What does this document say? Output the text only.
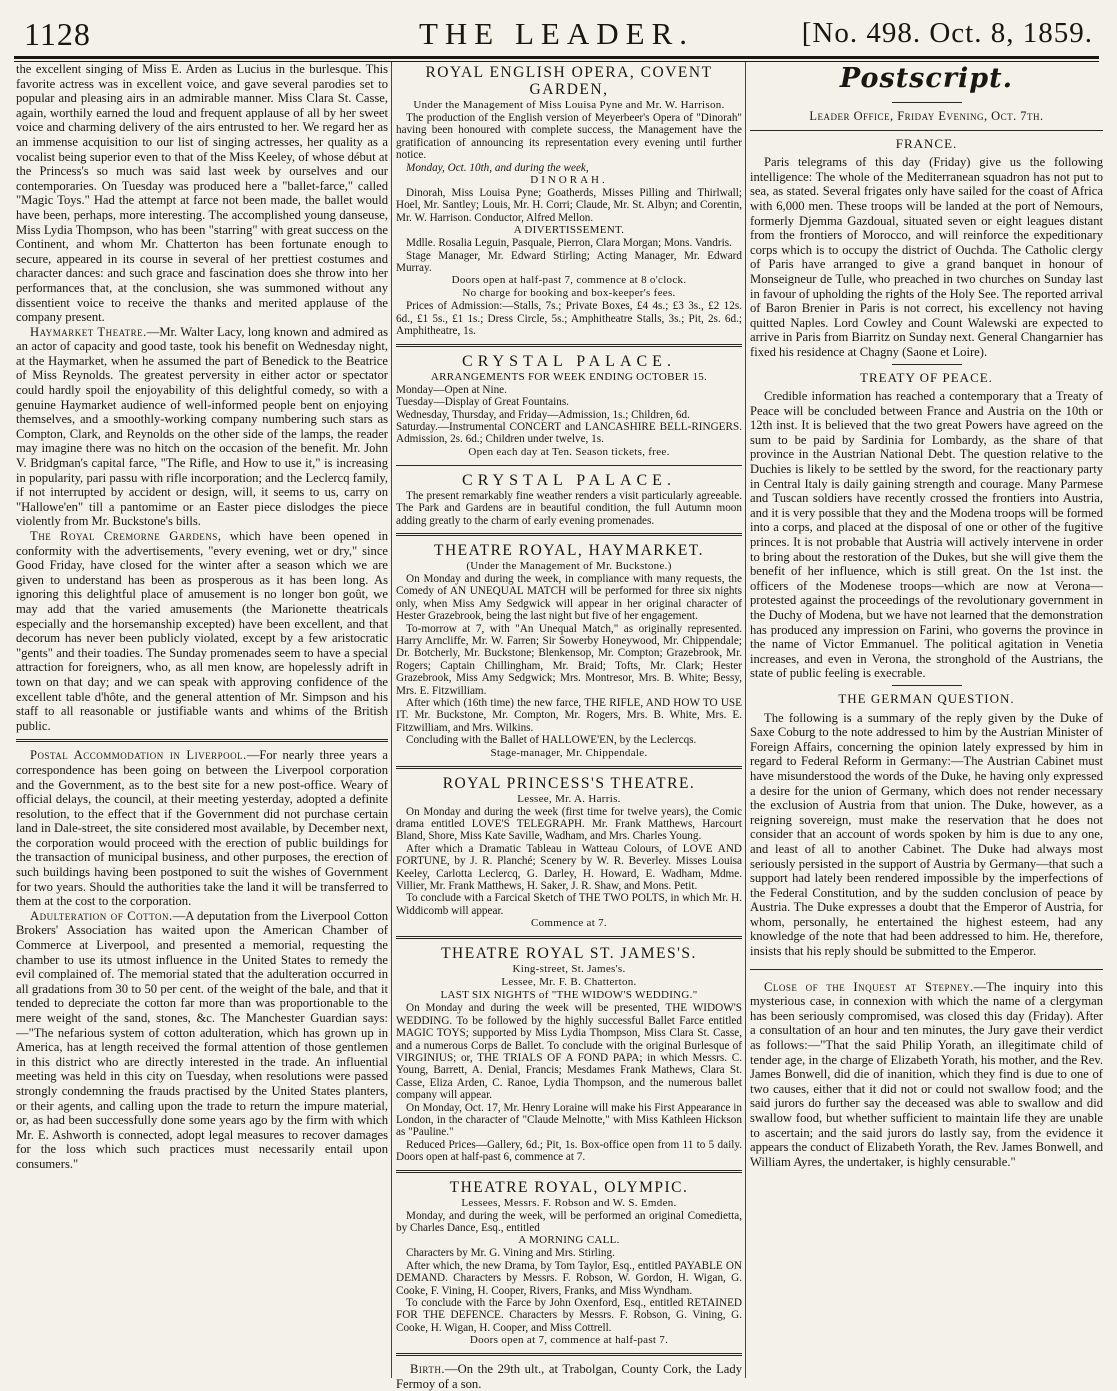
1128	THE LEADER.	[No. 498. Oct. 8, 1859.

the excellent singing of Miss E. Arden as Lucius in the burlesque. This favorite actress was in excellent voice, and gave several parodies set to popular and pleasing airs in an admirable manner. Miss Clara St. Casse, again, worthily earned the loud and frequent applause of all by her sweet voice and charming delivery of the airs entrusted to her. We regard her as an immense acquisition to our list of singing actresses, her quality as a vocalist being superior even to that of the Miss Keeley, of whose début at the Princess's so much was said last week by ourselves and our contemporaries. On Tuesday was produced here a "ballet-farce," called "Magic Toys." Had the attempt at farce not been made, the ballet would have been, perhaps, more interesting. The accomplished young danseuse, Miss Lydia Thompson, who has been "starring" with great success on the Continent, and whom Mr. Chatterton has been fortunate enough to secure, appeared in its course in several of her prettiest costumes and character dances: and such grace and fascination does she throw into her performances that, at the conclusion, she was summoned without any dissentient voice to receive the thanks and merited applause of the company present.

Haymarket Theatre.—Mr. Walter Lacy, long known and admired as an actor of capacity and good taste, took his benefit on Wednesday night, at the Haymarket, when he assumed the part of Benedick to the Beatrice of Miss Reynolds. The greatest perversity in either actor or spectator could hardly spoil the enjoyability of this delightful comedy, so with a genuine Haymarket audience of well-informed people bent on enjoying themselves, and a smoothly-working company numbering such stars as Compton, Clark, and Reynolds on the other side of the lamps, the reader may imagine there was no hitch on the occasion of the benefit. Mr. John V. Bridgman's capital farce, "The Rifle, and How to use it," is increasing in popularity, pari passu with rifle incorporation; and the Leclercq family, if not interrupted by accident or design, will, it seems to us, carry on "Hallowe'en" till a pantomime or an Easter piece dislodges the piece violently from Mr. Buckstone's bills.

The Royal Cremorne Gardens, which have been opened in conformity with the advertisements, "every evening, wet or dry," since Good Friday, have closed for the winter after a season which we are given to understand has been as prosperous as it has been long. As ignoring this delightful place of amusement is no longer bon goût, we may add that the varied amusements (the Marionette theatricals especially and the horsemanship excepted) have been excellent, and that decorum has never been publicly violated, except by a few aristocratic "gents" and their toadies. The Sunday promenades seem to have a special attraction for foreigners, who, as all men know, are hopelessly adrift in town on that day; and we can speak with approving confidence of the excellent table d'hôte, and the general attention of Mr. Simpson and his staff to all reasonable or justifiable wants and whims of the British public.

Postal Accommodation in Liverpool.—For nearly three years a correspondence has been going on between the Liverpool corporation and the Government, as to the best site for a new post-office. Weary of official delays, the council, at their meeting yesterday, adopted a definite resolution, to the effect that if the Government did not purchase certain land in Dale-street, the site considered most available, by December next, the corporation would proceed with the erection of public buildings for the transaction of municipal business, and other purposes, the erection of such buildings having been postponed to suit the wishes of Government for two years. Should the authorities take the land it will be transferred to them at the cost to the corporation.

Adulteration of Cotton.—A deputation from the Liverpool Cotton Brokers' Association has waited upon the American Chamber of Commerce at Liverpool, and presented a memorial, requesting the chamber to use its utmost influence in the United States to remedy the evil complained of. The memorial stated that the adulteration occurred in all gradations from 30 to 50 per cent. of the weight of the bale, and that it tended to depreciate the cotton far more than was proportionable to the mere weight of the sand, stones, &c. The Manchester Guardian says:—"The nefarious system of cotton adulteration, which has grown up in America, has at length received the formal attention of those gentlemen in this district who are directly interested in the trade. An influential meeting was held in this city on Tuesday, when resolutions were passed strongly condemning the frauds practised by the United States planters, or their agents, and calling upon the trade to return the impure material, or, as had been successfully done some years ago by the firm with which Mr. E. Ashworth is connected, adopt legal measures to recover damages for the loss which such practices must necessarily entail upon consumers."

ROYAL ENGLISH OPERA, COVENT GARDEN,
Under the Management of Miss Louisa Pyne and Mr. W. Harrison.

The production of the English version of Meyerbeer's Opera of "Dinorah" having been honoured with complete success, the Management have the gratification of announcing its representation every evening until further notice.

Monday, Oct. 10th, and during the week,

DINORAH.

Dinorah, Miss Louisa Pyne; Goatherds, Misses Pilling and Thirlwall; Hoel, Mr. Santley; Louis, Mr. H. Corri; Claude, Mr. St. Albyn; and Corentin, Mr. W. Harrison. Conductor, Alfred Mellon.

A DIVERTISSEMENT.

Mdlle. Rosalia Leguin, Pasquale, Pierron, Clara Morgan; Mons. Vandris.

Stage Manager, Mr. Edward Stirling; Acting Manager, Mr. Edward Murray.

Doors open at half-past 7, commence at 8 o'clock.
No charge for booking and box-keeper's fees.

Prices of Admission:—Stalls, 7s.; Private Boxes, £4 4s.; £3 3s., £2 12s. 6d., £1 5s., £1 1s.; Dress Circle, 5s.; Amphitheatre Stalls, 3s.; Pit, 2s. 6d.; Amphitheatre, 1s.

CRYSTAL PALACE.
ARRANGEMENTS FOR WEEK ENDING OCTOBER 15.

Monday—Open at Nine.

Tuesday—Display of Great Fountains.

Wednesday, Thursday, and Friday—Admission, 1s.; Children, 6d.

Saturday.—Instrumental CONCERT and LANCASHIRE BELL-RINGERS. Admission, 2s. 6d.; Children under twelve, 1s.

Open each day at Ten. Season tickets, free.
CRYSTAL PALACE.

The present remarkably fine weather renders a visit particularly agreeable. The Park and Gardens are in beautiful condition, the full Autumn moon adding greatly to the charm of early evening promenades.

THEATRE ROYAL, HAYMARKET.
(Under the Management of Mr. Buckstone.)

On Monday and during the week, in compliance with many requests, the Comedy of AN UNEQUAL MATCH will be performed for three six nights only, when Miss Amy Sedgwick will appear in her original character of Hester Grazebrook, being the last night but five of her engagement.

To-morrow at 7, with "An Unequal Match," as originally represented. Harry Arncliffe, Mr. W. Farren; Sir Sowerby Honeywood, Mr. Chippendale; Dr. Botcherly, Mr. Buckstone; Blenkensop, Mr. Compton; Grazebrook, Mr. Rogers; Captain Chillingham, Mr. Braid; Tofts, Mr. Clark; Hester Grazebrook, Miss Amy Sedgwick; Mrs. Montresor, Mrs. B. White; Bessy, Mrs. E. Fitzwilliam.

After which (16th time) the new farce, THE RIFLE, AND HOW TO USE IT. Mr. Buckstone, Mr. Compton, Mr. Rogers, Mrs. B. White, Mrs. E. Fitzwilliam, and Mrs. Wilkins.

Concluding with the Ballet of HALLOWE'EN, by the Leclercqs.

Stage-manager, Mr. Chippendale.
ROYAL PRINCESS'S THEATRE.
Lessee, Mr. A. Harris.

On Monday and during the week (first time for twelve years), the Comic drama entitled LOVE'S TELEGRAPH. Mr. Frank Matthews, Harcourt Bland, Shore, Miss Kate Saville, Wadham, and Mrs. Charles Young.

After which a Dramatic Tableau in Watteau Colours, of LOVE AND FORTUNE, by J. R. Planché; Scenery by W. R. Beverley. Misses Louisa Keeley, Carlotta Leclercq, G. Darley, H. Howard, E. Wadham, Mdme. Villier, Mr. Frank Matthews, H. Saker, J. R. Shaw, and Mons. Petit.

To conclude with a Farcical Sketch of THE TWO POLTS, in which Mr. H. Widdicomb will appear.

Commence at 7.
THEATRE ROYAL ST. JAMES'S.
King-street, St. James's.
Lessee, Mr. F. B. Chatterton.
LAST SIX NIGHTS of "THE WIDOW'S WEDDING."

On Monday and during the week will be presented, THE WIDOW'S WEDDING. To be followed by the highly successful Ballet Farce entitled MAGIC TOYS; supported by Miss Lydia Thompson, Miss Clara St. Casse, and a numerous Corps de Ballet. To conclude with the original Burlesque of VIRGINIUS; or, THE TRIALS OF A FOND PAPA; in which Messrs. C. Young, Barrett, A. Denial, Francis; Mesdames Frank Mathews, Clara St. Casse, Eliza Arden, C. Ranoe, Lydia Thompson, and the numerous ballet company will appear.

On Monday, Oct. 17, Mr. Henry Loraine will make his First Appearance in London, in the character of "Claude Melnotte," with Miss Kathleen Hickson as "Pauline."

Reduced Prices—Gallery, 6d.; Pit, 1s. Box-office open from 11 to 5 daily. Doors open at half-past 6, commence at 7.

THEATRE ROYAL, OLYMPIC.
Lessees, Messrs. F. Robson and W. S. Emden.

Monday, and during the week, will be performed an original Comedietta, by Charles Dance, Esq., entitled

A MORNING CALL.

Characters by Mr. G. Vining and Mrs. Stirling.

After which, the new Drama, by Tom Taylor, Esq., entitled PAYABLE ON DEMAND. Characters by Messrs. F. Robson, W. Gordon, H. Wigan, G. Cooke, F. Vining, H. Cooper, Rivers, Franks, and Miss Wyndham.

To conclude with the Farce by John Oxenford, Esq., entitled RETAINED FOR THE DEFENCE. Characters by Messrs. F. Robson, G. Vining, G. Cooke, H. Wigan, H. Cooper, and Miss Cottrell.

Doors open at 7, commence at half-past 7.

Birth.—On the 29th ult., at Trabolgan, County Cork, the Lady Fermoy of a son.

Postscript.
Leader Office, Friday Evening, Oct. 7th.
FRANCE.

Paris telegrams of this day (Friday) give us the following intelligence: The whole of the Mediterranean squadron has not put to sea, as stated. Several frigates only have sailed for the coast of Africa with 6,000 men. These troops will be landed at the port of Nemours, formerly Djemma Gazdoual, situated seven or eight leagues distant from the frontiers of Morocco, and will reinforce the expeditionary corps which is to occupy the district of Ouchda. The Catholic clergy of Paris have arranged to give a grand banquet in honour of Monseigneur de Tulle, who preached in two churches on Sunday last in favour of upholding the rights of the Holy See. The reported arrival of Baron Brenier in Paris is not correct, his excellency not having quitted Naples. Lord Cowley and Count Walewski are expected to arrive in Paris from Biarritz on Sunday next. General Changarnier has fixed his residence at Chagny (Saone et Loire).

TREATY OF PEACE.

Credible information has reached a contemporary that a Treaty of Peace will be concluded between France and Austria on the 10th or 12th inst. It is believed that the two great Powers have agreed on the sum to be paid by Sardinia for Lombardy, as the share of that province in the Austrian National Debt. The question relative to the Duchies is likely to be settled by the sword, for the reactionary party in Central Italy is daily gaining strength and courage. Many Parmese and Tuscan soldiers have recently crossed the frontiers into Austria, and it is very possible that they and the Modena troops will be formed into a corps, and placed at the disposal of one or other of the fugitive princes. It is not probable that Austria will actively intervene in order to bring about the restoration of the Dukes, but she will give them the benefit of her influence, which is still great. On the 1st inst. the officers of the Modenese troops—which are now at Verona—protested against the proceedings of the revolutionary government in the Duchy of Modena, but we have not learned that the demonstration has produced any impression on Farini, who governs the province in the name of Victor Emmanuel. The political agitation in Venetia increases, and even in Verona, the stronghold of the Austrians, the state of public feeling is execrable.

THE GERMAN QUESTION.

The following is a summary of the reply given by the Duke of Saxe Coburg to the note addressed to him by the Austrian Minister of Foreign Affairs, concerning the opinion lately expressed by him in regard to Federal Reform in Germany:—The Austrian Cabinet must have misunderstood the words of the Duke, he having only expressed a desire for the union of Germany, which does not render necessary the exclusion of Austria from that union. The Duke, however, as a reigning sovereign, must make the reservation that he does not consider that an account of words spoken by him is due to any one, and least of all to another Cabinet. The Duke had always most seriously persisted in the support of Austria by Germany—that such a support had lately been rendered impossible by the imperfections of the Federal Constitution, and by the sudden conclusion of peace by Austria. The Duke expresses a doubt that the Emperor of Austria, for whom, personally, he entertained the highest esteem, had any knowledge of the note that had been addressed to him. He, therefore, insists that his reply should be submitted to the Emperor.

Close of the Inquest at Stepney.—The inquiry into this mysterious case, in connexion with which the name of a clergyman has been seriously compromised, was closed this day (Friday). After a consultation of an hour and ten minutes, the Jury gave their verdict as follows:—"That the said Philip Yorath, an illegitimate child of tender age, in the charge of Elizabeth Yorath, his mother, and the Rev. James Bonwell, did die of inanition, which they find is due to one of two causes, either that it did not or could not swallow food; and the said jurors do further say the deceased was able to swallow and did swallow food, but whether sufficient to maintain life they are unable to ascertain; and the said jurors do lastly say, from the evidence it appears the conduct of Elizabeth Yorath, the Rev. James Bonwell, and William Ayres, the undertaker, is highly censurable."
